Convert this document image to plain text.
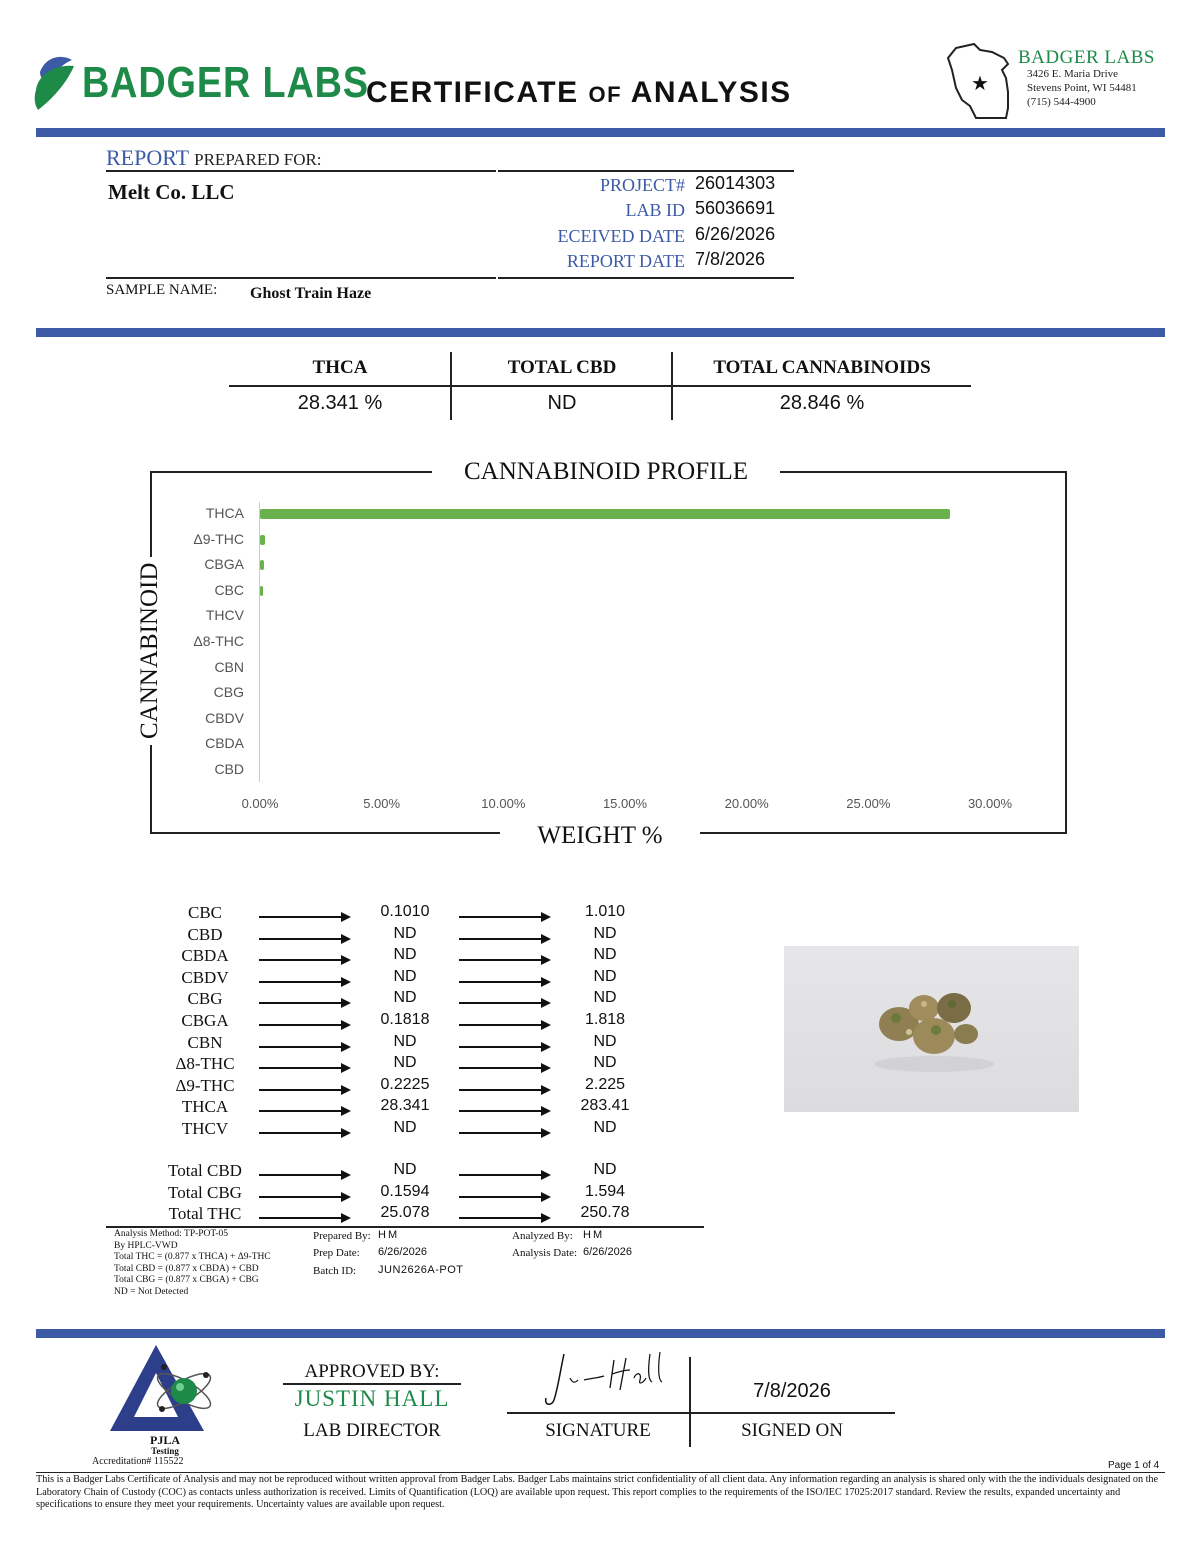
BADGER LABS
CERTIFICATE OF ANALYSIS	★
BADGER LABS
3426 E. Maria Drive
Stevens Point, WI 54481
(715) 544-4900
REPORT PREPARED FOR:
Melt Co. LLC	PROJECT# 26014303
LAB ID 56036691
ECEIVED DATE 6/26/2026
REPORT DATE 7/8/2026
SAMPLE NAME: Ghost Train Haze
THCA	TOTAL CBD	TOTAL CANNABINOIDS
28.341 %	ND	28.846 %
CANNABINOID PROFILE
WEIGHT %
CANNABINOID
THCA
Δ9-THC
CBGA
CBC
THCV
Δ8-THC
CBN
CBG
CBDV
CBDA
CBD
0.00%	5.00%	10.00%	15.00%	20.00%	25.00%	30.00%
CANNABINOID	WEIGHT %	MG/G
CBC	0.1010	1.010
CBD	ND	ND
CBDA	ND	ND
CBDV	ND	ND
CBG	ND	ND
CBGA	0.1818	1.818
CBN	ND	ND
Δ8-THC	ND	ND
Δ9-THC	0.2225	2.225
THCA	28.341	283.41
THCV	ND	ND
Total CBD	ND	ND
Total CBG	0.1594	1.594
Total THC	25.078	250.78
Analysis Method: TP-POT-05
By HPLC-VWD
Total THC = (0.877 x THCA) + Δ9-THC
Total CBD = (0.877 x CBDA) + CBD
Total CBG = (0.877 x CBGA) + CBG
ND = Not Detected
Prepared By: HM
Prep Date: 6/26/2026
Batch ID: JUN2626A-POT
Analyzed By: HM
Analysis Date: 6/26/2026
PJLA
Testing
Accreditation# 115522
APPROVED BY:
JUSTIN HALL
LAB DIRECTOR	SIGNATURE
7/8/2026
SIGNED ON
Page 1 of 4
This is a Badger Labs Certificate of Analysis and may not be reproduced without written approval from Badger Labs. Badger Labs maintains strict confidentiality of all client data. Any information regarding an analysis is shared only with the the individuals designated on the Laboratory Chain of Custody (COC) as contacts unless authorization is received. Limits of Quantification (LOQ) are available upon request. This report complies to the requirements of the ISO/IEC 17025:2017 standard. Review the results, expanded uncertainty and specifications to ensure they meet your requirements. Uncertainty values are available upon request.
